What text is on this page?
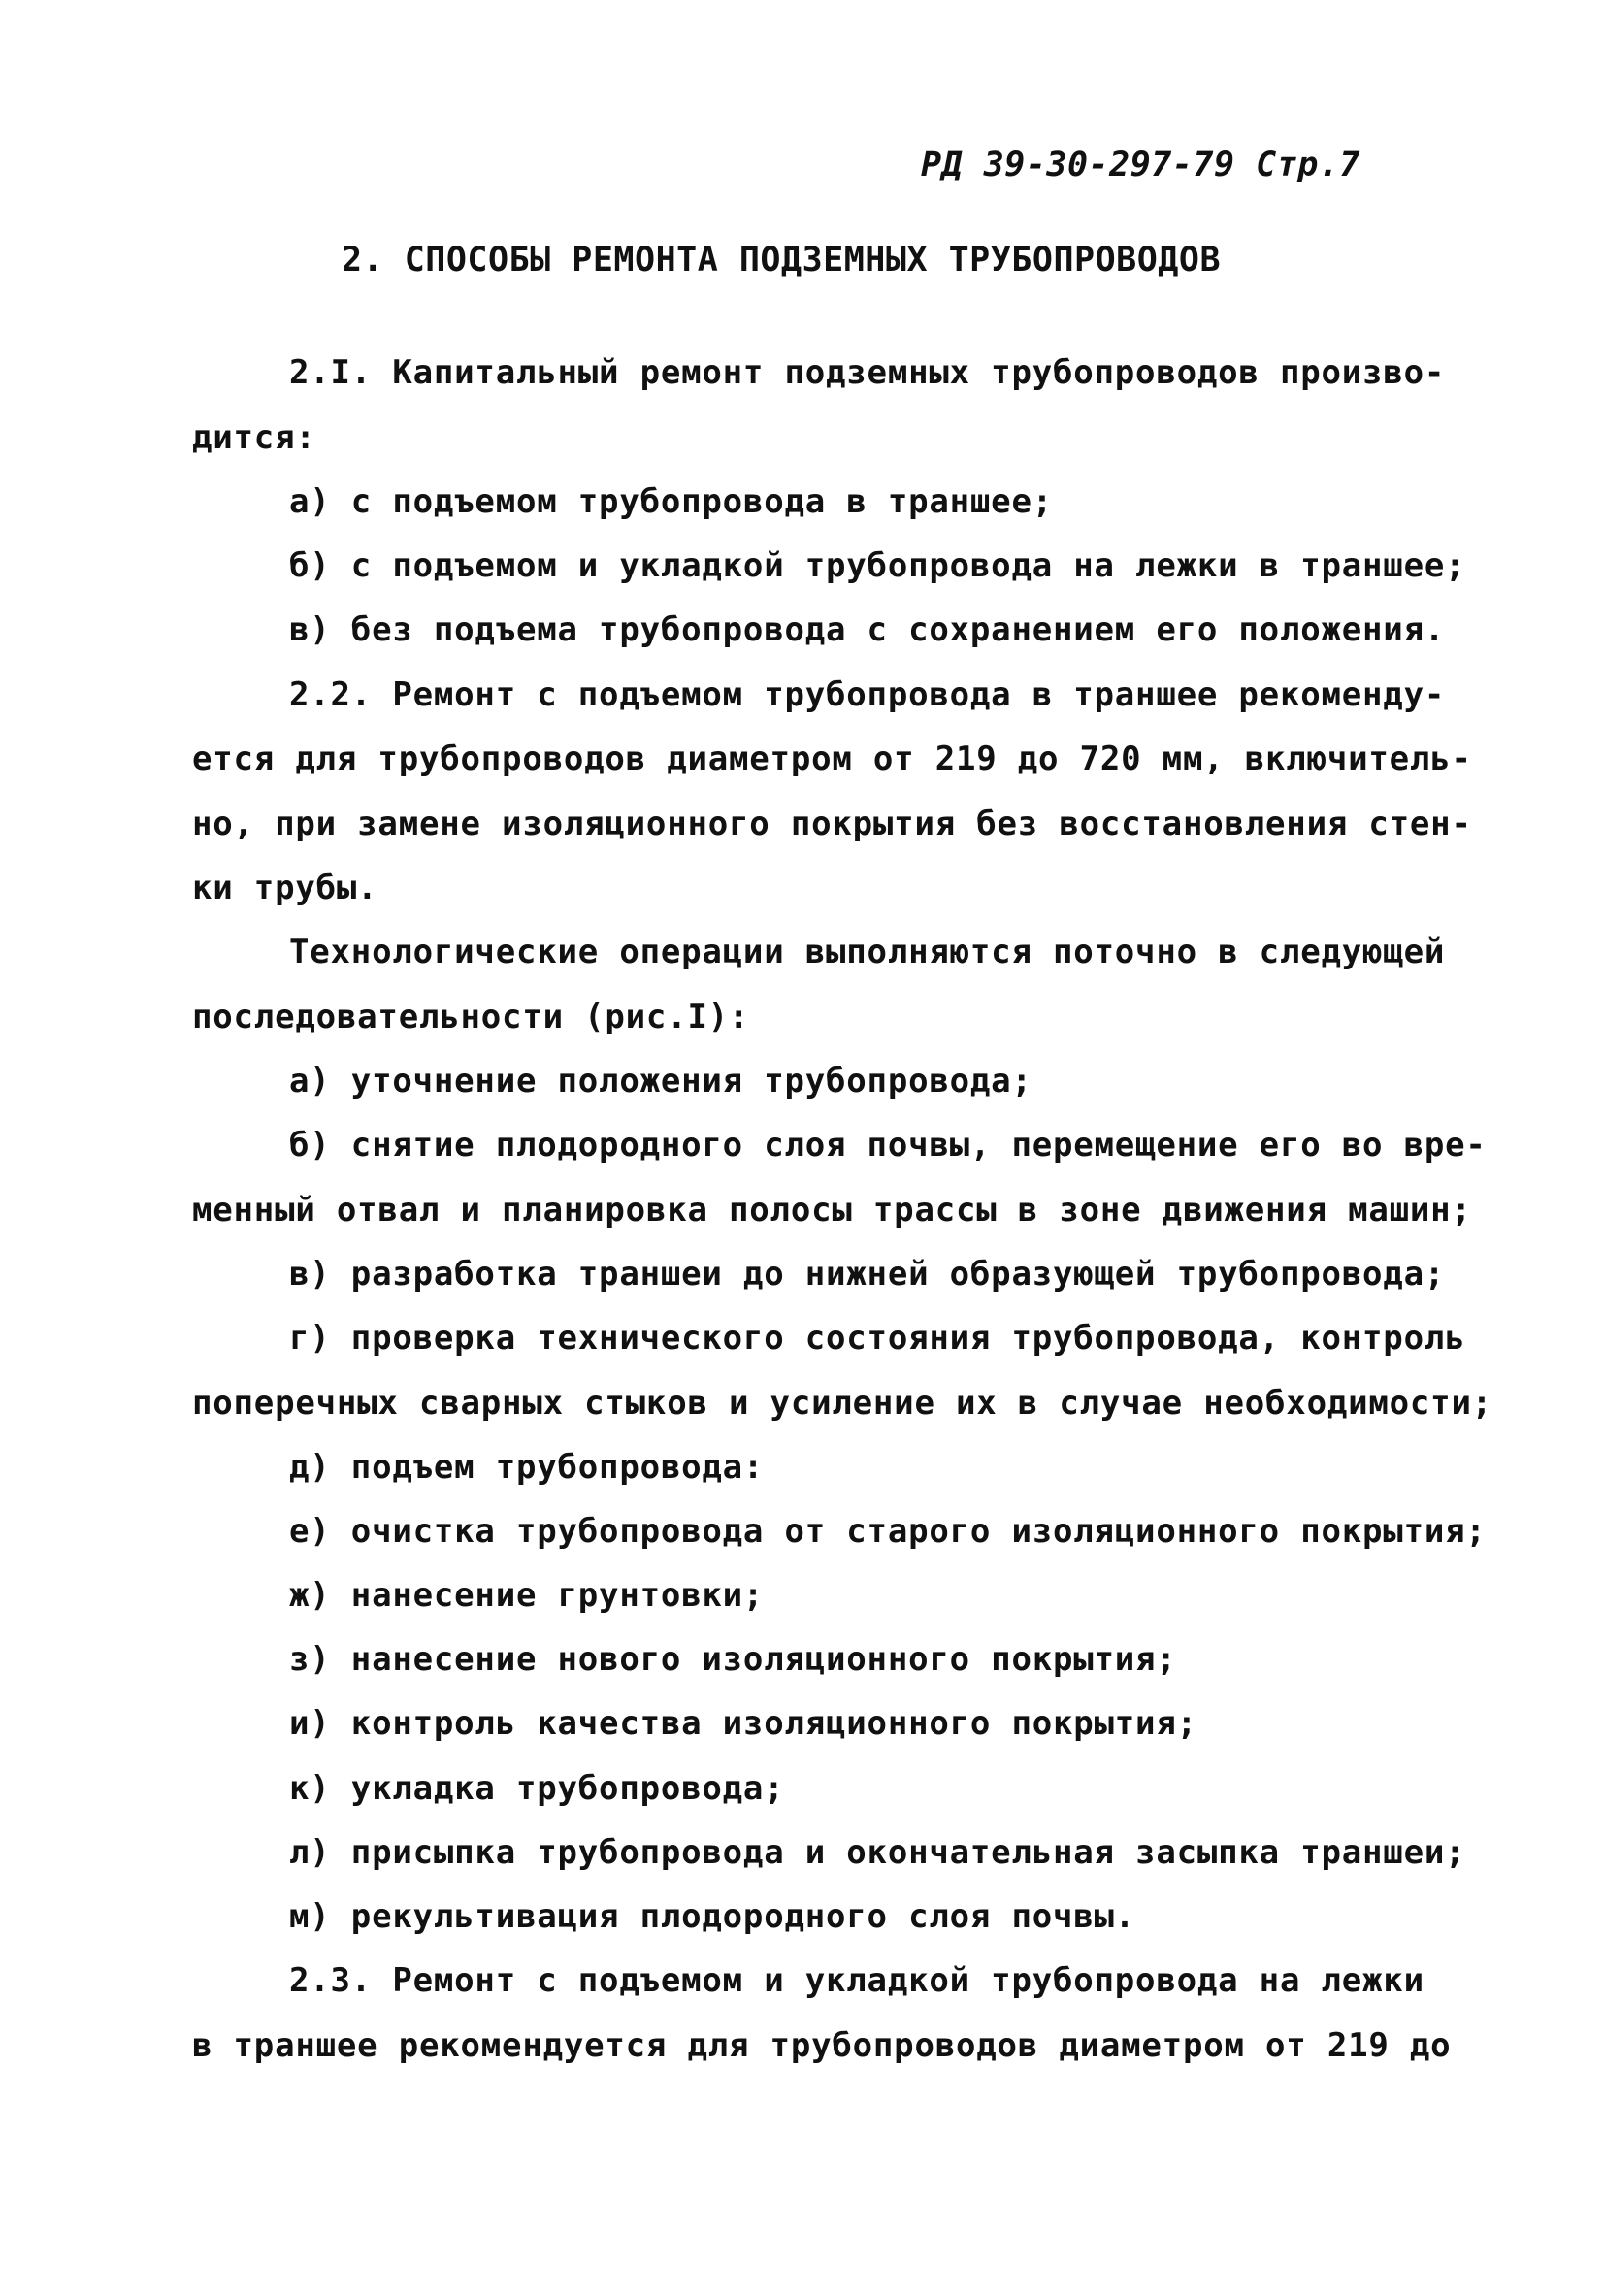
РД 39-30-297-79 Стр.7
2. СПОСОБЫ РЕМОНТА ПОДЗЕМНЫХ ТРУБОПРОВОДОВ
2.I. Капитальный ремонт подземных трубопроводов произво-
дится:
а) с подъемом трубопровода в траншее;
б) с подъемом и укладкой трубопровода на лежки в траншее;
в) без подъема трубопровода с сохранением его положения.
2.2. Ремонт с подъемом трубопровода в траншее рекоменду-
ется для трубопроводов диаметром от 219 до 720 мм, включитель-
но, при замене изоляционного покрытия без восстановления стен-
ки трубы.
Технологические операции выполняются поточно в следующей
последовательности (рис.I):
а) уточнение положения трубопровода;
б) снятие плодородного слоя почвы, перемещение его во вре-
менный отвал и планировка полосы трассы в зоне движения машин;
в) разработка траншеи до нижней образующей трубопровода;
г) проверка технического состояния трубопровода, контроль
поперечных сварных стыков и усиление их в случае необходимости;
д) подъем трубопровода:
е) очистка трубопровода от старого изоляционного покрытия;
ж) нанесение грунтовки;
з) нанесение нового изоляционного покрытия;
и) контроль качества изоляционного покрытия;
к) укладка трубопровода;
л) присыпка трубопровода и окончательная засыпка траншеи;
м) рекультивация плодородного слоя почвы.
2.3. Ремонт с подъемом и укладкой трубопровода на лежки
в траншее рекомендуется для трубопроводов диаметром от 219 до
